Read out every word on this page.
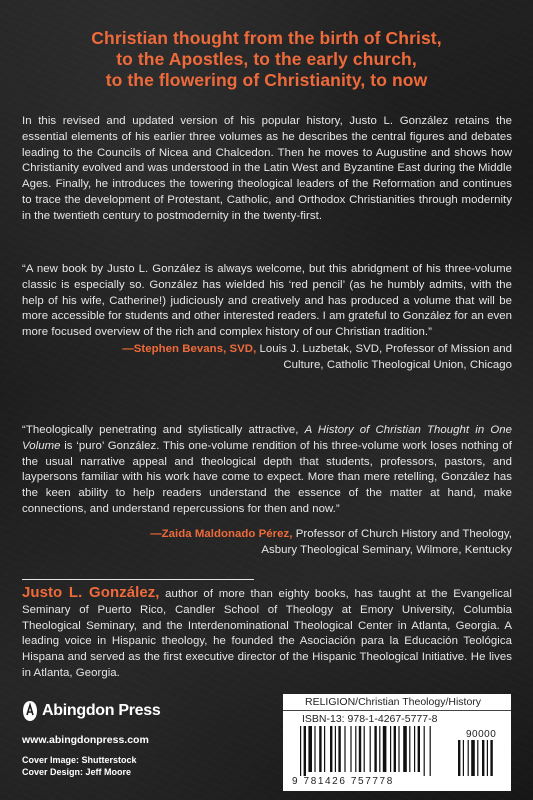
Christian thought from the birth of Christ,
to the Apostles, to the early church,
to the flowering of Christianity, to now
In this revised and updated version of his popular history, Justo L. González retains the essential elements of his earlier three volumes as he describes the central figures and debates leading to the Councils of Nicea and Chalcedon. Then he moves to Augustine and shows how Christianity evolved and was understood in the Latin West and Byzantine East during the Middle Ages. Finally, he introduces the towering theological leaders of the Reformation and continues to trace the development of Protestant, Catholic, and Orthodox Christianities through modernity in the twentieth century to postmodernity in the twenty-first.
“A new book by Justo L. González is always welcome, but this abridgment of his three-volume classic is especially so. González has wielded his ‘red pencil’ (as he humbly admits, with the help of his wife, Catherine!) judiciously and creatively and has produced a volume that will be more accessible for students and other interested readers. I am grateful to González for an even more focused overview of the rich and complex history of our Christian tradition.”
—Stephen Bevans, SVD, Louis J. Luzbetak, SVD, Professor of Mission and
Culture, Catholic Theological Union, Chicago
“Theologically penetrating and stylistically attractive, A History of Christian Thought in One Volume is ‘puro’ González. This one-volume rendition of his three-volume work loses nothing of the usual narrative appeal and theological depth that students, professors, pastors, and laypersons familiar with his work have come to expect. More than mere retelling, González has the keen ability to help readers understand the essence of the matter at hand, make connections, and understand repercussions for then and now.”
—Zaida Maldonado Pérez, Professor of Church History and Theology,
Asbury Theological Seminary, Wilmore, Kentucky
Justo L. González, author of more than eighty books, has taught at the Evangelical Seminary of Puerto Rico, Candler School of Theology at Emory University, Columbia Theological Seminary, and the Interdenominational Theological Center in Atlanta, Georgia. A leading voice in Hispanic theology, he founded the Asociación para la Educación Teológica Hispana and served as the first executive director of the Hispanic Theological Initiative. He lives in Atlanta, Georgia.
Abingdon Press
www.abingdonpress.com
Cover Image: Shutterstock
Cover Design: Jeff Moore
RELIGION/Christian Theology/History
ISBN-13: 978-1-4267-5777-8
90000
9 781426 757778
